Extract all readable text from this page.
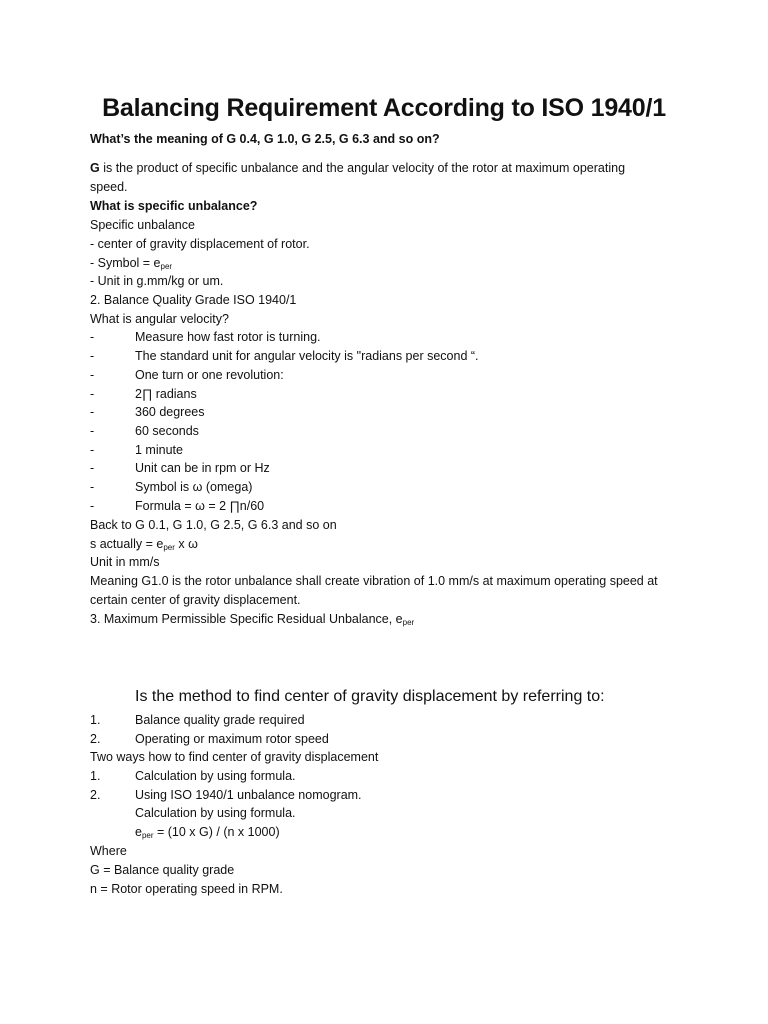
Balancing Requirement According to ISO 1940/1
What’s the meaning of G 0.4, G 1.0, G 2.5, G 6.3 and so on?
G is the product of specific unbalance and the angular velocity of the rotor at maximum operating
speed.
What is specific unbalance?
Specific unbalance
- center of gravity displacement of rotor.
- Symbol = $e_{per}$
- Unit in g.mm/kg or um.
2. Balance Quality Grade ISO 1940/1
What is angular velocity?
-	Measure how fast rotor is turning.
-	The standard unit for angular velocity is "radians per second “.
-	One turn or one revolution:
-	2∏ radians
-	360 degrees
-	60 seconds
-	1 minute
-	Unit can be in rpm or Hz
-	Symbol is ω (omega)
-	Formula = ω = 2 ∏n/60
Back to G 0.1, G 1.0, G 2.5, G 6.3 and so on
s actually = $e_{per}$ x ω
Unit in mm/s
Meaning G1.0 is the rotor unbalance shall create vibration of 1.0 mm/s at maximum operating speed at
certain center of gravity displacement.
3. Maximum Permissible Specific Residual Unbalance, $e_{per}$
Is the method to find center of gravity displacement by referring to:
1.	Balance quality grade required
2.	Operating or maximum rotor speed
Two ways how to find center of gravity displacement
1.	Calculation by using formula.
2.	Using ISO 1940/1 unbalance nomogram.
Calculation by using formula.
$e_{per} = (10$ x G) / (n x 1000)
Where
G = Balance quality grade
n = Rotor operating speed in RPM.
